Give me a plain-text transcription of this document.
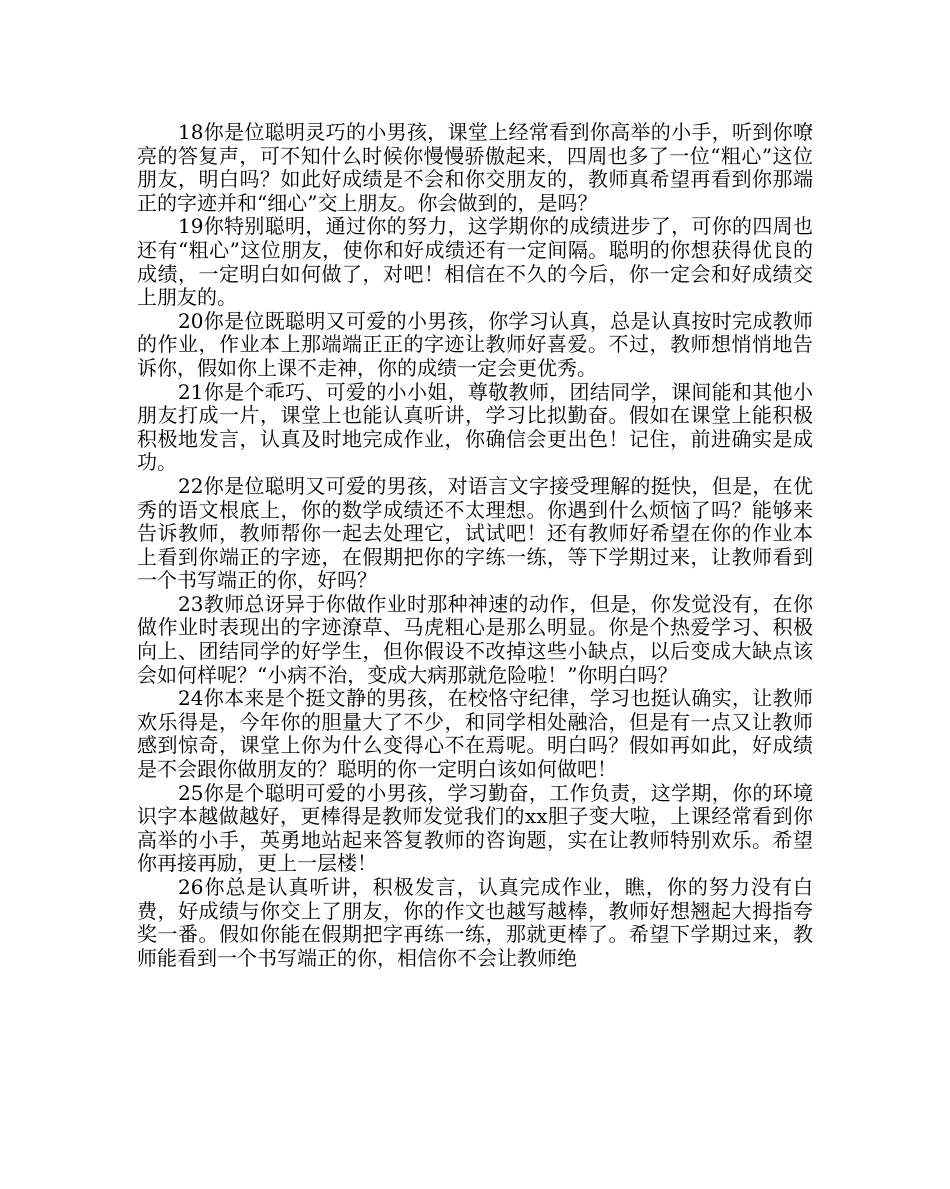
18你是位聪明灵巧的小男孩，课堂上经常看到你高举的小手，听到你嘹亮的答复声，可不知什么时候你慢慢骄傲起来，四周也多了一位“粗心”这位朋友，明白吗？如此好成绩是不会和你交朋友的，教师真希望再看到你那端正的字迹并和“细心”交上朋友。你会做到的，是吗？

19你特别聪明，通过你的努力，这学期你的成绩进步了，可你的四周也还有“粗心”这位朋友，使你和好成绩还有一定间隔。聪明的你想获得优良的成绩，一定明白如何做了，对吧！相信在不久的今后，你一定会和好成绩交上朋友的。

20你是位既聪明又可爱的小男孩，你学习认真，总是认真按时完成教师的作业，作业本上那端端正正的字迹让教师好喜爱。不过，教师想悄悄地告诉你，假如你上课不走神，你的成绩一定会更优秀。

21你是个乖巧、可爱的小小姐，尊敬教师，团结同学，课间能和其他小朋友打成一片，课堂上也能认真听讲，学习比拟勤奋。假如在课堂上能积极积极地发言，认真及时地完成作业，你确信会更出色！记住，前进确实是成功。

22你是位聪明又可爱的男孩，对语言文字接受理解的挺快，但是，在优秀的语文根底上，你的数学成绩还不太理想。你遇到什么烦恼了吗？能够来告诉教师，教师帮你一起去处理它，试试吧！还有教师好希望在你的作业本上看到你端正的字迹，在假期把你的字练一练，等下学期过来，让教师看到一个书写端正的你，好吗？

23教师总讶异于你做作业时那种神速的动作，但是，你发觉没有，在你做作业时表现出的字迹潦草、马虎粗心是那么明显。你是个热爱学习、积极向上、团结同学的好学生，但你假设不改掉这些小缺点，以后变成大缺点该会如何样呢？“小病不治，变成大病那就危险啦！”你明白吗？

24你本来是个挺文静的男孩，在校恪守纪律，学习也挺认确实，让教师欢乐得是，今年你的胆量大了不少，和同学相处融洽，但是有一点又让教师感到惊奇，课堂上你为什么变得心不在焉呢。明白吗？假如再如此，好成绩是不会跟你做朋友的？聪明的你一定明白该如何做吧！

25你是个聪明可爱的小男孩，学习勤奋，工作负责，这学期，你的环境识字本越做越好，更棒得是教师发觉我们的xx胆子变大啦，上课经常看到你高举的小手，英勇地站起来答复教师的咨询题，实在让教师特别欢乐。希望你再接再励，更上一层楼！

26你总是认真听讲，积极发言，认真完成作业，瞧，你的努力没有白费，好成绩与你交上了朋友，你的作文也越写越棒，教师好想翘起大拇指夸奖一番。假如你能在假期把字再练一练，那就更棒了。希望下学期过来，教师能看到一个书写端正的你，相信你不会让教师绝
